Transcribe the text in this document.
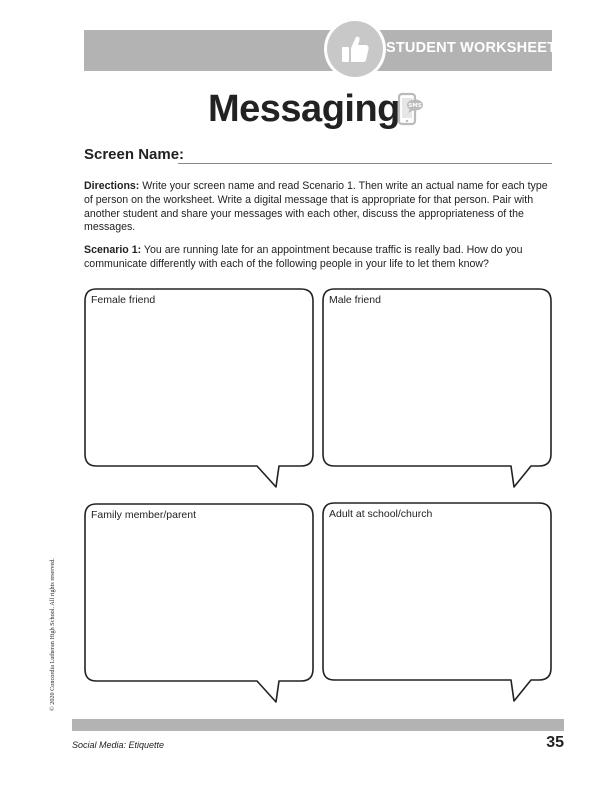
STUDENT WORKSHEET
Messaging SMS
Screen Name:
Directions: Write your screen name and read Scenario 1. Then write an actual name for each type of person on the worksheet. Write a digital message that is appropriate for that person. Pair with another student and share your messages with each other, discuss the appropriateness of the messages.
Scenario 1: You are running late for an appointment because traffic is really bad. How do you communicate differently with each of the following people in your life to let them know?
Female friend	Male friend
Family member/parent	Adult at school/church
© 2020 Concordia Lutheran High School. All rights reserved.
Social Media: Etiquette	35
